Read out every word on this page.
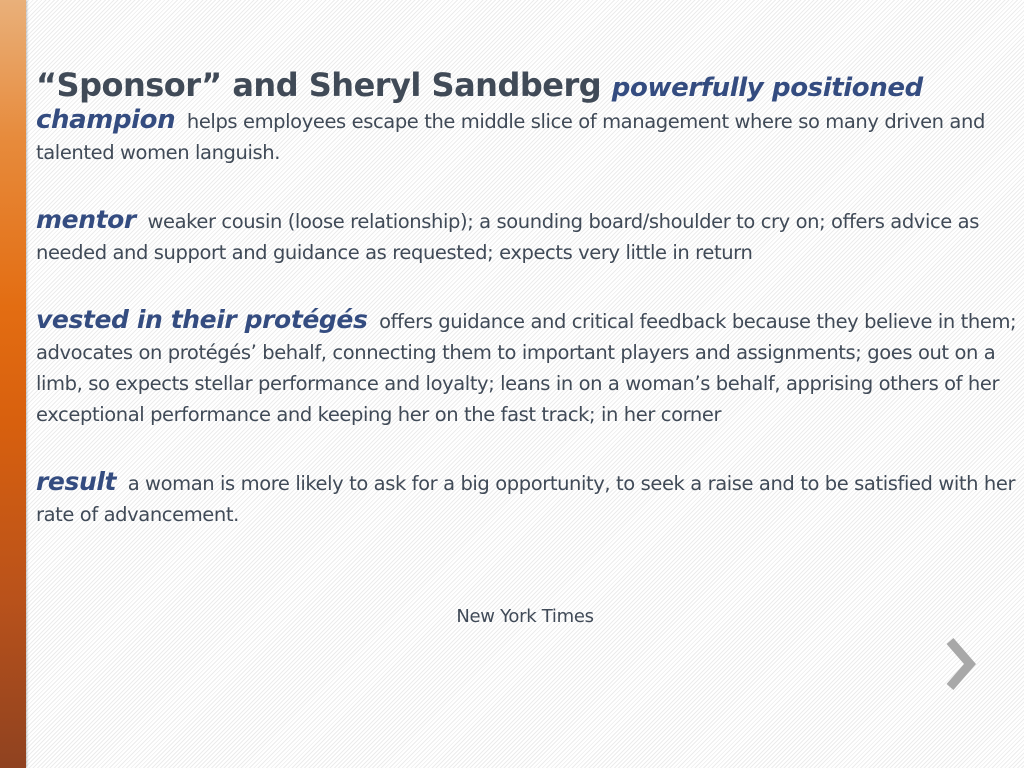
“Sponsor” and Sheryl Sandberg powerfully positioned champion helps employees escape the middle slice of management where so many driven and talented women languish.

mentor weaker cousin (loose relationship); a sounding board/shoulder to cry on; offers advice as needed and support and guidance as requested; expects very little in return

vested in their protégés offers guidance and critical feedback because they believe in them; advocates on protégés’ behalf, connecting them to important players and assignments; goes out on a limb, so expects stellar performance and loyalty; leans in on a woman’s behalf, apprising others of her exceptional performance and keeping her on the fast track; in her corner

result a woman is more likely to ask for a big opportunity, to seek a raise and to be satisfied with her rate of advancement.

New York Times
